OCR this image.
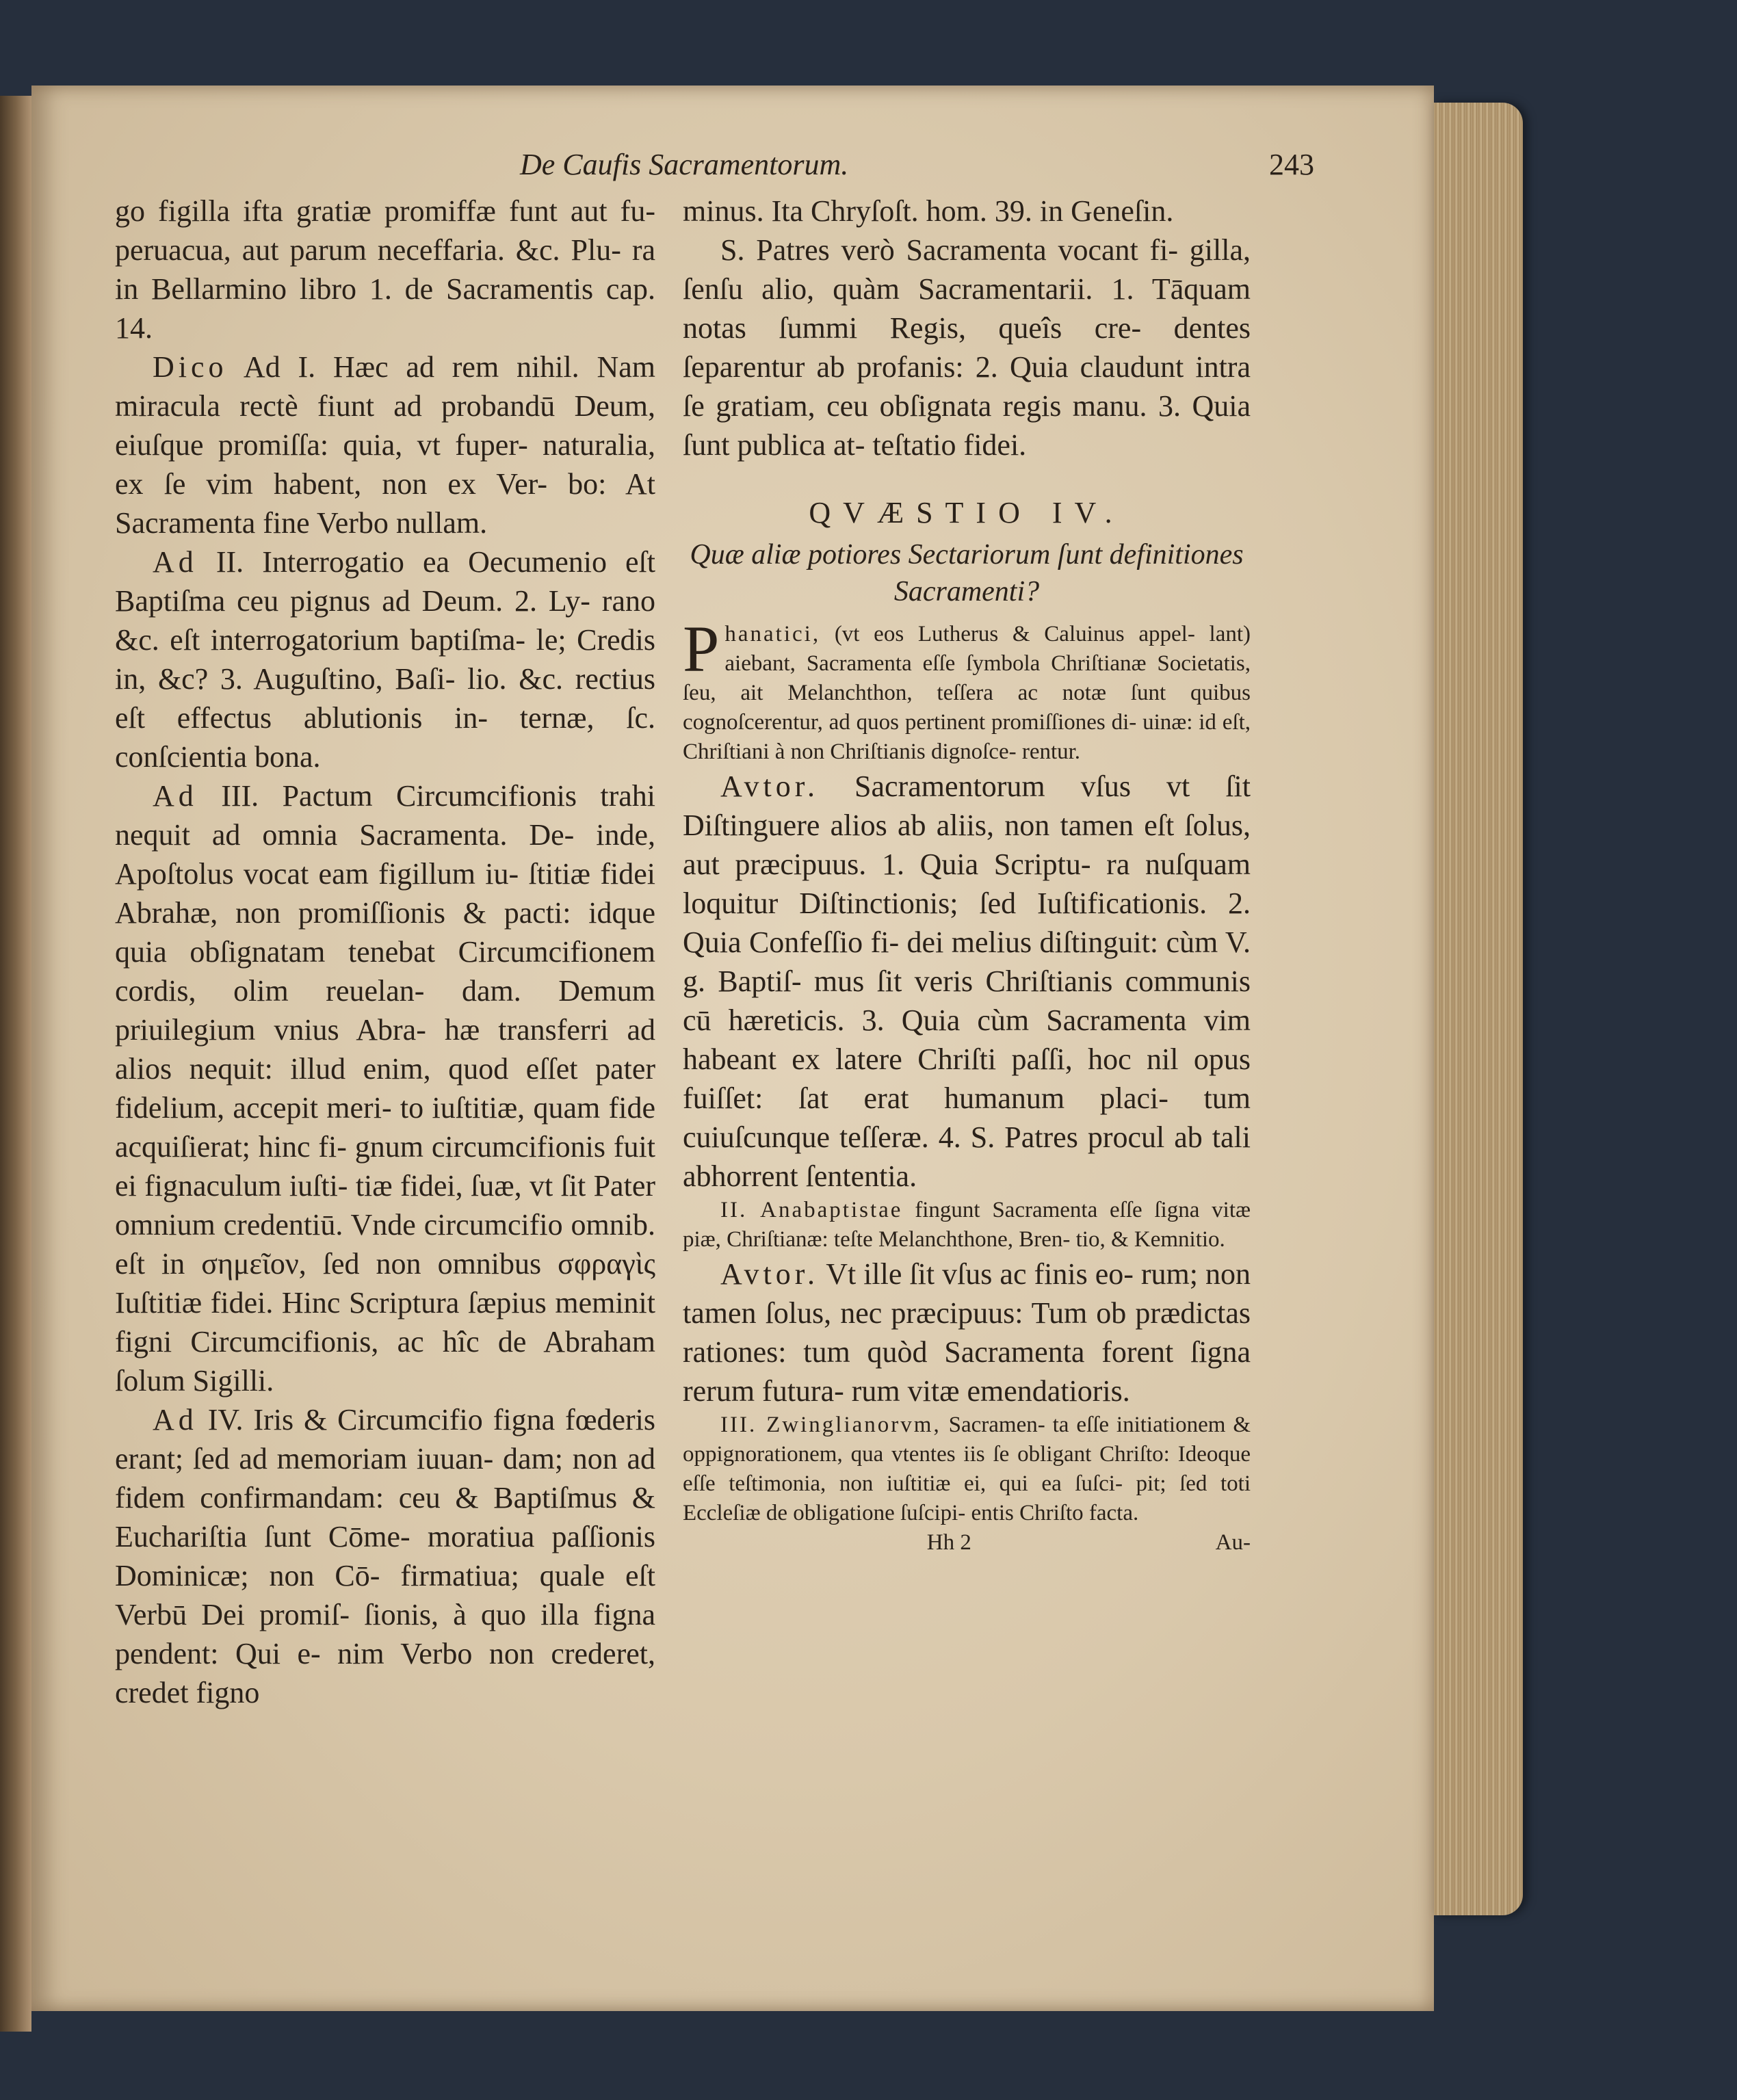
De Caufis Sacramentorum.	243

go figilla ifta gratiæ promiffæ funt aut fu- peruacua, aut parum neceffaria. &c. Plu- ra in Bellarmino libro 1. de Sacramentis cap. 14.

Dico Ad I. Hæc ad rem nihil. Nam miracula rectè fiunt ad probandū Deum, eiuſque promiſſa: quia, vt fuper- naturalia, ex ſe vim habent, non ex Ver- bo: At Sacramenta fine Verbo nullam.

Ad II. Interrogatio ea Oecumenio eſt Baptiſma ceu pignus ad Deum. 2. Ly- rano &c. eſt interrogatorium baptiſma- le; Credis in, &c? 3. Auguſtino, Baſi- lio. &c. rectius eſt effectus ablutionis in- ternæ, ſc. conſcientia bona.

Ad III. Pactum Circumcifionis trahi nequit ad omnia Sacramenta. De- inde, Apoſtolus vocat eam figillum iu- ſtitiæ fidei Abrahæ, non promiſſionis & pacti: idque quia obſignatam tenebat Circumcifionem cordis, olim reuelan- dam. Demum priuilegium vnius Abra- hæ transferri ad alios nequit: illud enim, quod eſſet pater fidelium, accepit meri- to iuſtitiæ, quam fide acquiſierat; hinc fi- gnum circumcifionis fuit ei fignaculum iuſti- tiæ fidei, ſuæ, vt ſit Pater omnium credentiū. Vnde circumcifio omnib. eſt in σημεῖον, ſed non omnibus σφραγὶς Iuſtitiæ fidei. Hinc Scriptura ſæpius meminit figni Circumcifionis, ac hîc de Abraham ſolum Sigilli.

Ad IV. Iris & Circumcifio figna fœderis erant; ſed ad memoriam iuuan- dam; non ad fidem confirmandam: ceu & Baptiſmus & Euchariſtia ſunt Cōme- moratiua paſſionis Dominicæ; non Cō- firmatiua; quale eſt Verbū Dei promiſ- ſionis, à quo illa figna pendent: Qui e- nim Verbo non crederet, credet figno

minus. Ita Chryſoſt. hom. 39. in Geneſin.

S. Patres verò Sacramenta vocant fi- gilla, ſenſu alio, quàm Sacramentarii. 1. Tāquam notas ſummi Regis, queîs cre- dentes ſeparentur ab profanis: 2. Quia claudunt intra ſe gratiam, ceu obſignata regis manu. 3. Quia ſunt publica at- teſtatio fidei.

QVÆSTIO IV.

Quæ aliæ potiores Sectariorum ſunt definitiones Sacramenti?

P hanatici, (vt eos Lutherus & Caluinus appel- lant) aiebant, Sacramenta eſſe ſymbola Chriſtianæ Societatis, ſeu, ait Melanchthon, teſſera ac notæ ſunt quibus cognoſcerentur, ad quos pertinent promiſſiones di- uinæ: id eſt, Chriſtiani à non Chriſtianis dignoſce- rentur.

Avtor. Sacramentorum vſus vt ſit Diſtinguere alios ab aliis, non tamen eſt ſolus, aut præcipuus. 1. Quia Scriptu- ra nuſquam loquitur Diſtinctionis; ſed Iuſtificationis. 2. Quia Confeſſio fi- dei melius diſtinguit: cùm V. g. Baptiſ- mus ſit veris Chriſtianis communis cū hæreticis. 3. Quia cùm Sacramenta vim habeant ex latere Chriſti paſſi, hoc nil opus fuiſſet: ſat erat humanum placi- tum cuiuſcunque teſſeræ. 4. S. Patres procul ab tali abhorrent ſententia.

II. Anabaptistae fingunt Sacramenta eſſe ſigna vitæ piæ, Chriſtianæ: teſte Melanchthone, Bren- tio, & Kemnitio.

Avtor. Vt ille ſit vſus ac finis eo- rum; non tamen ſolus, nec præcipuus: Tum ob prædictas rationes: tum quòd Sacramenta forent ſigna rerum futura- rum vitæ emendatioris.

III. Zwinglianorvm, Sacramen- ta eſſe initiationem & oppignorationem, qua vtentes iis ſe obligant Chriſto: Ideoque eſſe teſtimonia, non iuſtitiæ ei, qui ea ſuſci- pit; ſed toti Eccleſiæ de obligatione ſuſcipi- entis Chriſto facta.

Hh 2	Au-
